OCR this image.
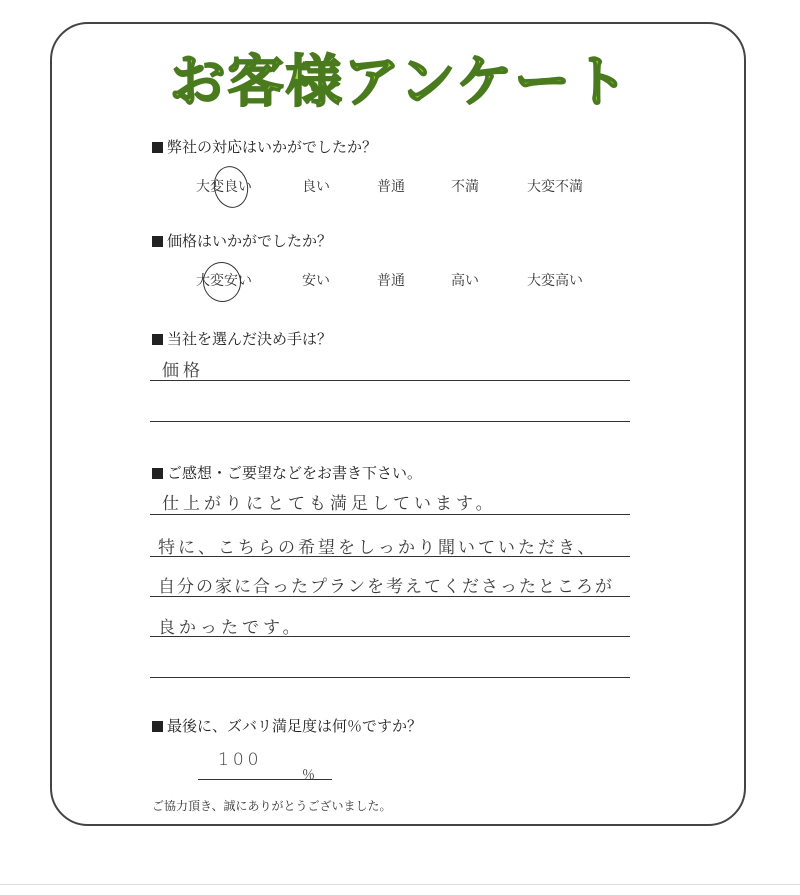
お客様アンケート
弊社の対応はいかがでしたか？
大変良い	良い	普通	不満	大変不満
価格はいかがでしたか？
大変安い	安い	普通	高い	大変高い
当社を選んだ決め手は？
価格
ご感想・ご要望などをお書き下さい。
仕上がりにとても満足しています。
特に、こちらの希望をしっかり聞いていただき、
自分の家に合ったプランを考えてくださったところが
良かったです。
最後に、ズバリ満足度は何％ですか？
100
％
ご協力頂き、誠にありがとうございました。
